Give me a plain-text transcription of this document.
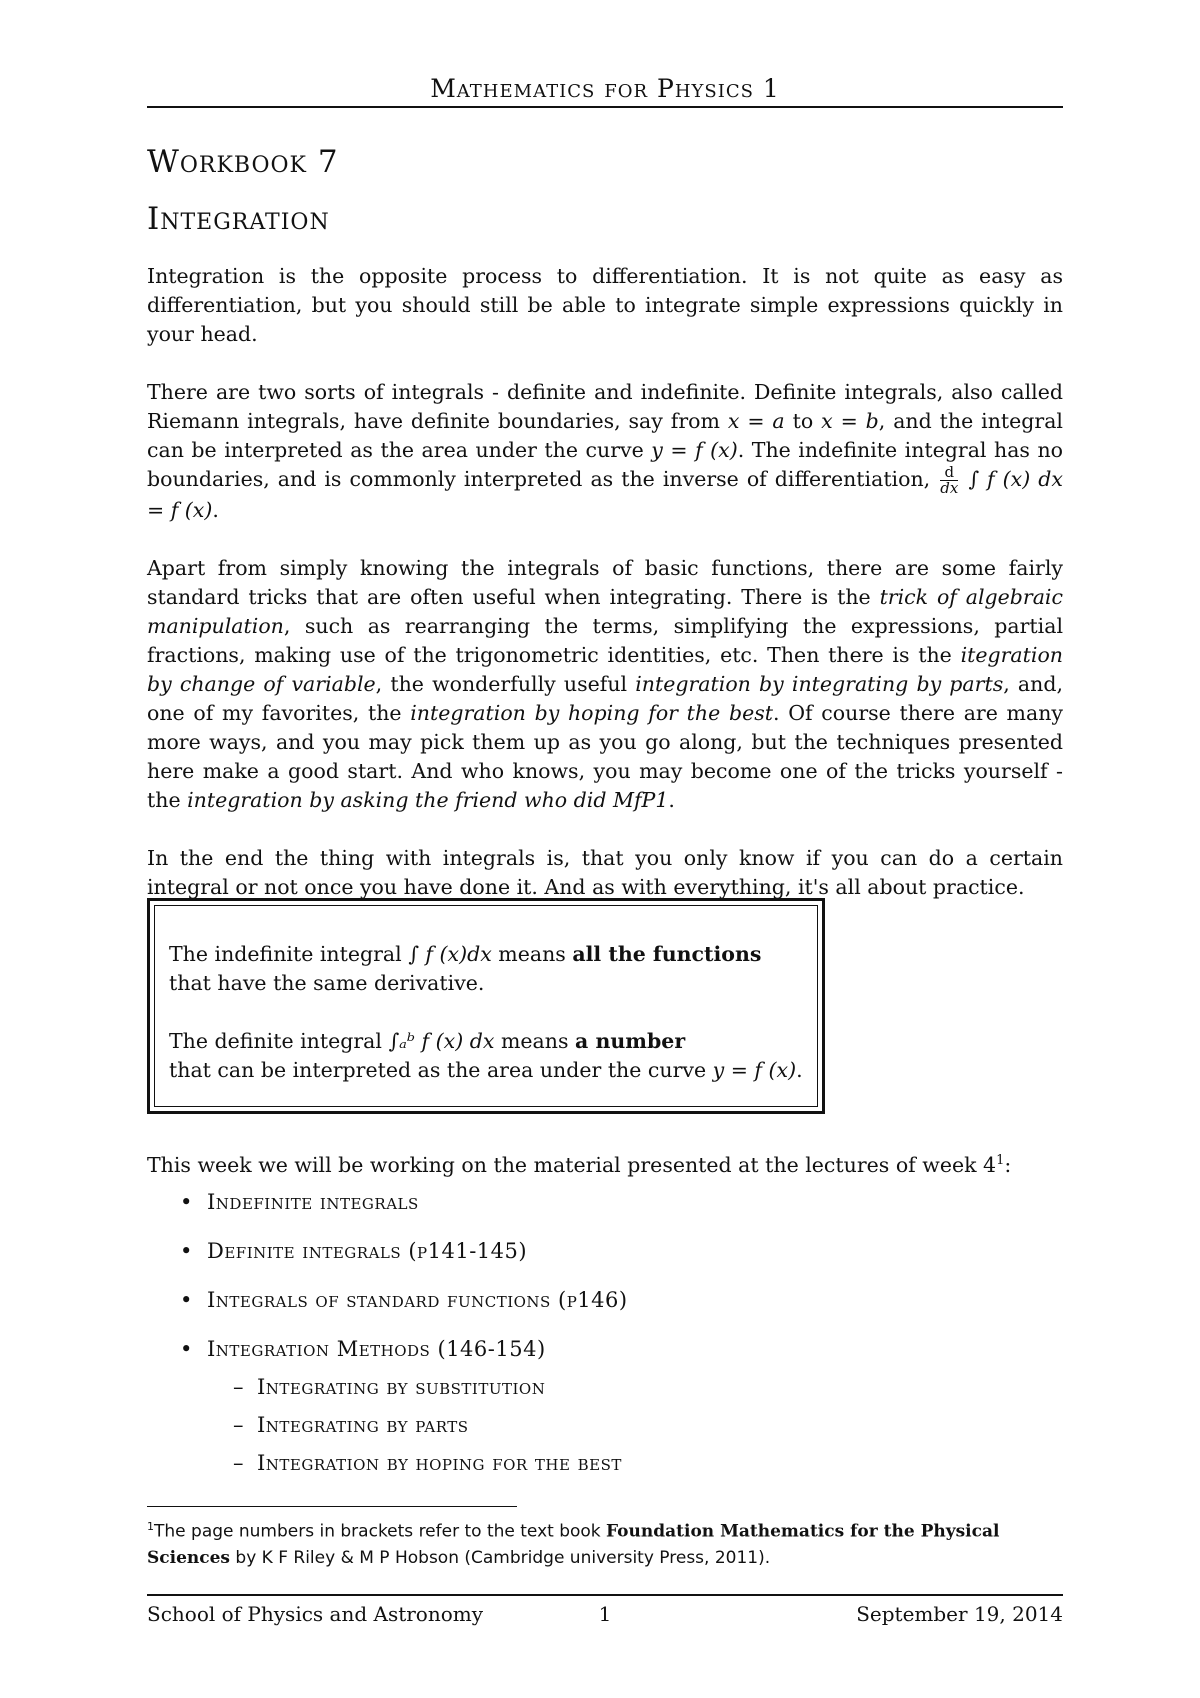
Mathematics for Physics 1
Workbook 7
Integration

Integration is the opposite process to differentiation. It is not quite as easy as differentiation, but you should still be able to integrate simple expressions quickly in your head.

There are two sorts of integrals - definite and indefinite. Definite integrals, also called Riemann integrals, have definite boundaries, say from x = a to x = b, and the integral can be interpreted as the area under the curve y = f (x). The indefinite integral has no boundaries, and is commonly interpreted as the inverse of differentiation, $\frac{d}{dx}$ ∫ f (x) dx = f (x).

Apart from simply knowing the integrals of basic functions, there are some fairly standard tricks that are often useful when integrating. There is the trick of algebraic manipulation, such as rearranging the terms, simplifying the expressions, partial fractions, making use of the trigonometric identities, etc. Then there is the itegration by change of variable, the wonderfully useful integration by integrating by parts, and, one of my favorites, the integration by hoping for the best. Of course there are many more ways, and you may pick them up as you go along, but the techniques presented here make a good start. And who knows, you may become one of the tricks yourself - the integration by asking the friend who did MfP1.

In the end the thing with integrals is, that you only know if you can do a certain integral or not once you have done it. And as with everything, it's all about practice.

The indefinite integral ∫ f (x)dx means all the functions
that have the same derivative.

The definite integral ∫ₐᵇ f (x) dx means a number
that can be interpreted as the area under the curve y = f (x).

This week we will be working on the material presented at the lectures of week $4^1$:
• Indefinite integrals
• Definite integrals (p141-145)
• Integrals of standard functions (p146)
• Integration Methods (146-154)
– Integrating by substitution
– Integrating by parts
– Integration by hoping for the best
$^1$The page numbers in brackets refer to the text book Foundation Mathematics for the Physical Sciences by K F Riley & M P Hobson (Cambridge university Press, 2011).
School of Physics and Astronomy	1	September 19, 2014
